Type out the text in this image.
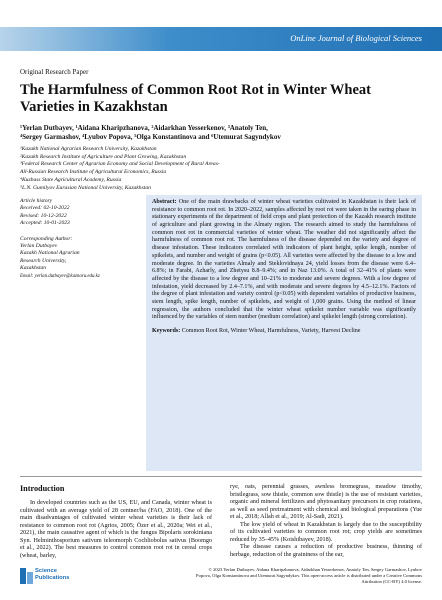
OnLine Journal of Biological Sciences
Original Research Paper
The Harmfulness of Common Root Rot in Winter Wheat Varieties in Kazakhstan
¹Yerlan Dutbayev, ¹Aidana Kharipzhanova, ²Aidarkhan Yesserkenov, ³Anatoly Ten,
⁴Sergey Garmashov, ⁴Lyubov Popova, ⁵Olga Konstantinova and ⁶Utemurat Sagyndykov
¹Kazakh National Agrarian Research University, Kazakhstan
²Kazakh Research Institute of Agriculture and Plant Growing, Kazakhstan
³Federal Research Center of Agrarian Economy and Social Development of Rural Areas-
All-Russian Research Institute of Agricultural Economics, Russia
⁴Kuzbass State Agricultural Academy, Russia
⁵L.N. Gumilyov Eurasian National University, Kazakhstan
Article history
Received: 02-10-2022
Revised: 10-12-2022
Accepted: 10-01-2023
Corresponding Author:
Yerlan Dutbayev
Kazakh National Agrarian
Research University,
Kazakhstan
Email: yerlan.dutbayev@kaznaru.edu.kz

Abstract: One of the main drawbacks of winter wheat varieties cultivated in Kazakhstan is their lack of resistance to common root rot. In 2020–2022, samples affected by root rot were taken in the earing phase in stationary experiments of the department of field crops and plant protection of the Kazakh research institute of agriculture and plant growing in the Almaty region. The research aimed to study the harmfulness of common root rot in commercial varieties of winter wheat. The weather did not significantly affect the harmfulness of common root rot. The harmfulness of the disease depended on the variety and degree of disease infestation. These indicators correlated with indicators of plant height, spike length, number of spikelets, and number and weight of grains (p<0.05). All varieties were affected by the disease to a low and moderate degree. In the varieties Almaly and Steklovidnaya 24, yield losses from the disease were 6.4–6.8%; in Farabi, Azharly, and Zhetysu 8.8–9.4%; and in Naz 13.0%. A total of 32–41% of plants were affected by the disease to a low degree and 10–21% to moderate and severe degrees. With a low degree of infestation, yield decreased by 2.4–7.1%, and with moderate and severe degrees by 4.5–12.1%. Factors of the degree of plant infestation and variety control (p<0.05) with dependent variables of productive business, stem length, spike length, number of spikelets, and weight of 1,000 grains. Using the method of linear regression, the authors concluded that the winter wheat spikelet number variable was significantly influenced by the variables of stem number (medium correlation) and spikelet length (strong correlation).

Keywords: Common Root Rot, Winter Wheat, Harmfulness, Variety, Harvest Decline

Introduction

In developed countries such as the US, EU, and Canada, winter wheat is cultivated with an average yield of 28 centner/ha (FAO, 2018). One of the main disadvantages of cultivated winter wheat varieties is their lack of resistance to common root rot (Agrios, 2005; Özer et al., 2020a; Wei et al., 2021), the main causative agent of which is the fungus Bipolaris sorokiniana Syn. Helminthosporium sativum teleomorph Cochliobolus sativus (Boomgo et al., 2022). The best measures to control common root rot in cereal crops (wheat, barley,

rye, oats, perennial grasses, awnless bromegrass, meadow timothy, bristlegrass, sow thistle, common sow thistle) is the use of resistant varieties, organic and mineral fertilizers and phytosanitary precursors in crop rotations, as well as seed pretreatment with chemical and biological preparations (Yue et al., 2018; Allah et al., 2019; Al-Sadi, 2021).

The low yield of wheat in Kazakhstan is largely due to the susceptibility of its cultivated varieties to common root rot; crop yields are sometimes reduced by 35–45% (Koishibayev, 2018).

The disease causes a reduction of productive business, thinning of herbage, reduction of the graininess of the ear,

Science
Publications
© 2023 Yerlan Dutbayev, Aidana Kharipzhanova, Aidarkhan Yesserkenov, Anatoly Ten, Sergey Garmashov, Lyubov
Popova, Olga Konstantinova and Utemurat Sagyndykov. This open-access article is distributed under a Creative Commons
Attribution (CC-BY) 4.0 license.
